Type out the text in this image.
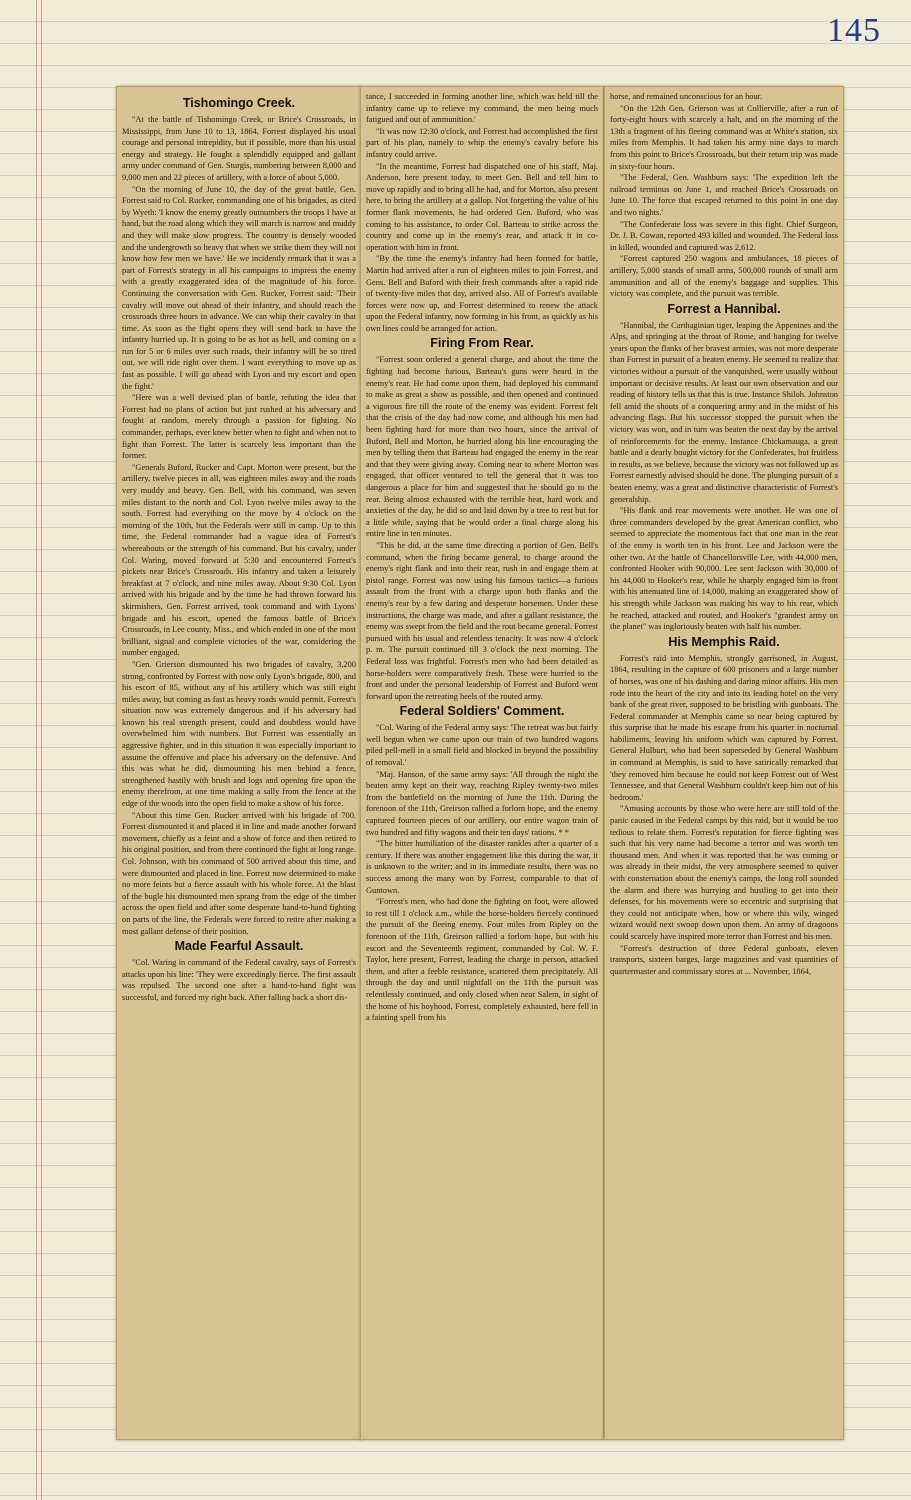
145
Tishomingo Creek.

"At the battle of Tishomingo Creek, or Brice's Crossroads, in Mississippi, from June 10 to 13, 1864, Forrest displayed his usual courage and personal intrepidity, but if possible, more than his usual energy and strategy. He fought a splendidly equipped and gallant army under command of Gen. Sturgis, numbering between 8,000 and 9,000 men and 22 pieces of artillery, with a force of about 5,000.

"On the morning of June 10, the day of the great battle, Gen. Forrest said to Col. Rucker, commanding one of his brigades, as cited by Wyeth: 'I know the enemy greatly outnumbers the troops I have at hand, but the road along which they will march is narrow and muddy and they will make slow progress. The country is densely wooded and the undergrowth so heavy that when we strike them they will not know how few men we have.' He we incidently remark that it was a part of Forrest's strategy in all his campaigns to impress the enemy with a greatly exaggerated idea of the magnitude of his force. Continuing the conversation with Gen. Rucker, Forrest said: 'Their cavalry will move out ahead of their infantry, and should reach the crossroads three hours in advance. We can whip their cavalry in that time. As soon as the fight opens they will send back to have the infantry hurried up. It is going to be as hot as hell, and coming on a run for 5 or 6 miles over such roads, their infantry will be so tired out, we will ride right over them. I want everything to move up as fast as possible. I will go ahead with Lyon and my escort and open the fight.'

"Here was a well devised plan of battle, refuting the idea that Forrest had no plans of action but just rushed at his adversary and fought at random, merely through a passion for fighting. No commander, perhaps, ever knew better when to fight and when not to fight than Forrest. The latter is scarcely less important than the former.

"Generals Buford, Rucker and Capt. Morton were present, but the artillery, twelve pieces in all, was eighteen miles away and the roads very muddy and heavy. Gen. Bell, with his command, was seven miles distant to the north and Col. Lyon twelve miles away to the south. Forrest had everything on the move by 4 o'clock on the morning of the 10th, but the Federals were still in camp. Up to this time, the Federal commander had a vague idea of Forrest's whereabouts or the strength of his command. But his cavalry, under Col. Waring, moved forward at 5:30 and encountered Forrest's pickets near Brice's Crossroads. His infantry and taken a leisurely breakfast at 7 o'clock, and nine miles away. About 9:30 Col. Lyon arrived with his brigade and by the time he had thrown forward his skirmishers, Gen. Forrest arrived, took command and with Lyons' brigade and his escort, opened the famous battle of Brice's Crossroads, in Lee county, Miss., and which ended in one of the most brilliant, signal and complete victories of the war, considering the number engaged.

"Gen. Grierson dismounted his two brigades of cavalry, 3,200 strong, confronted by Forrest with now only Lyon's brigade, 800, and his escort of 85, without any of his artillery which was still eight miles away, but coming as fast as heavy roads would permit. Forrest's situation now was extremely dangerous and if his adversary had known his real strength present, could and doubtless would have overwhelmed him with numbers. But Forrest was essentially an aggressive fighter, and in this situation it was especially important to assume the offensive and place his adversary on the defensive. And this was what he did, dismounting his men behind a fence, strengthened hastily with brush and logs and opening fire upon the enemy therefrom, at one time making a sally from the fence at the edge of the woods into the open field to make a show of his force.

"About this time Gen. Rucker arrived with his brigade of 700. Forrest dismounted it and placed it in line and made another forward movement, chiefly as a feint and a show of force and then retired to his original position, and from there continued the fight at long range. Col. Johnson, with his command of 500 arrived about this time, and were dismounted and placed in line. Forrest now determined to make no more feints but a fierce assault with his whole force. At the blast of the bugle his dismounted men sprang from the edge of the timber across the open field and after some desperate hand-to-hand fighting on parts of the line, the Federals were forced to retire after making a most gallant defense of their position.

Made Fearful Assault.

"Col. Waring in command of the Federal cavalry, says of Forrest's attacks upon his line: 'They were exceedingly fierce. The first assault was repulsed. The second one after a hand-to-hand fight was successful, and forced my right back. After falling back a short dis-

tance, I succeeded in forming another line, which was held till the infantry came up to relieve my command, the men being much fatigued and out of ammunition.'

"It was now 12:30 o'clock, and Forrest had accomplished the first part of his plan, namely to whip the enemy's cavalry before his infantry could arrive.

"In the meantime, Forrest had dispatched one of his staff, Maj. Anderson, here present today, to meet Gen. Bell and tell him to move up rapidly and to bring all he had, and for Morton, also present here, to bring the artillery at a gallop. Not forgetting the value of his former flank movements, he had ordered Gen. Buford, who was coming to his assistance, to order Col. Barteau to strike across the country and come up in the enemy's rear, and attack it in co-operation with him in front.

"By the time the enemy's infantry had been formed for battle, Martin had arrived after a run of eighteen miles to join Forrest, and Gens. Bell and Buford with their fresh commands after a rapid ride of twenty-five miles that day, arrived also. All of Forrest's available forces were now up, and Forrest determined to renew the attack upon the Federal infantry, now forming in his front, as quickly as his own lines could be arranged for action.

Firing From Rear.

"Forrest soon ordered a general charge, and about the time the fighting had become furious, Barteau's guns were heard in the enemy's rear. He had come upon them, had deployed his command to make as great a show as possible, and then opened and continued a vigorous fire till the route of the enemy was evident. Forrest felt that the crisis of the day had now come, and although his men had been fighting hard for more than two hours, since the arrival of Buford, Bell and Morton, he hurried along his line encouraging the men by telling them that Barteau had engaged the enemy in the rear and that they were giving away. Coming near to where Morton was engaged, that officer ventured to tell the general that it was too dangerous a place for him and suggested that he should go to the rear. Being almost exhausted with the terrible heat, hard work and anxieties of the day, he did so and laid down by a tree to rest but for a little while, saying that he would order a final charge along his entire line in ten minutes.

"This he did, at the same time directing a portion of Gen. Bell's command, when the firing became general, to charge around the enemy's right flank and into their rear, rush in and engage them at pistol range. Forrest was now using his famous tactics—a furious assault from the front with a charge upon both flanks and the enemy's rear by a few daring and desperate horsemen. Under these instructions, the charge was made, and after a gallant resistance, the enemy was swept from the field and the rout became general. Forrest pursued with his usual and relentless tenacity. It was now 4 o'clock p. m. The pursuit continued till 3 o'clock the next morning. The Federal loss was frightful. Forrest's men who had been detailed as horse-holders were comparatively fresh. These were hurried to the front and under the personal leadership of Forrest and Buford went forward upon the retreating heels of the routed army.

Federal Soldiers' Comment.

"Col. Waring of the Federal army says: 'The retreat was but fairly well begun when we came upon our train of two hundred wagons piled pell-mell in a small field and blocked in beyond the possibility of removal.'

"Maj. Hanson, of the same army says: 'All through the night the beaten army kept on their way, reaching Ripley twenty-two miles from the battlefield on the morning of June the 11th. During the forenoon of the 11th, Greirson rallied a forlorn hope, and the enemy captured fourteen pieces of our artillery, our entire wagon train of two hundred and fifty wagons and their ten days' rations. * *

"The bitter humiliation of the disaster rankles after a quarter of a century. If there was another engagement like this during the war, it is unknown to the writer; and in its immediate results, there was no success among the many won by Forrest, comparable to that of Guntown.

"Forrest's men, who had done the fighting on foot, were allowed to rest till 1 o'clock a.m., while the horse-holders fiercely continued the pursuit of the fleeing enemy. Four miles from Ripley on the forenoon of the 11th, Greirson rallied a forlorn hope, but with his escort and the Seventeenth regiment, commanded by Col. W. F. Taylor, here present, Forrest, leading the charge in person, attacked them, and after a feeble resistance, scattered them precipitately. All through the day and until nightfall on the 11th the pursuit was relentlessly continued, and only closed when near Salem, in sight of the home of his boyhood, Forrest, completely exhausted, here fell in a fainting spell from his

horse, and remained unconscious for an hour.

"On the 12th Gen. Grierson was at Collierville, after a run of forty-eight hours with scarcely a halt, and on the morning of the 13th a fragment of his fleeing command was at White's station, six miles from Memphis. It had taken his army nine days to march from this point to Brice's Crossroads, but their return trip was made in sixty-four hours.

"The Federal, Gen. Washburn says: 'The expedition left the railroad terminus on June 1, and reached Brice's Crossroads on June 10. The force that escaped returned to this point in one day and two nights.'

"The Confederate loss was severe in this fight. Chief Surgeon, Dr. J. B. Cowan, reported 493 killed and wounded. The Federal loss in killed, wounded and captured was 2,612.

"Forrest captured 250 wagons and ambulances, 18 pieces of artillery, 5,000 stands of small arms, 500,000 rounds of small arm ammunition and all of the enemy's baggage and supplies. This victory was complete, and the pursuit was terrible.

Forrest a Hannibal.

"Hannibal, the Carthaginian tiger, leaping the Appenines and the Alps, and springing at the throat of Rome, and hanging for twelve years upon the flanks of her bravest armies, was not more desperate than Forrest in pursuit of a beaten enemy. He seemed to realize that victories without a pursuit of the vanquished, were usually without important or decisive results. At least our own observation and our reading of history tells us that this is true. Instance Shiloh. Johnston fell amid the shouts of a conquering army and in the midst of his advancing flags. But his successor stopped the pursuit when the victory was won, and in turn was beaten the next day by the arrival of reinforcements for the enemy. Instance Chickamauga, a great battle and a dearly bought victory for the Confederates, but fruitless in results, as we believe, because the victory was not followed up as Forrest earnestly advised should be done. The plunging pursuit of a beaten enemy, was a great and distinctive characteristic of Forrest's generalship.

"His flank and rear movements were another. He was one of three commanders developed by the great American conflict, who seemed to appreciate the momentous fact that one man in the rear of the enmy is worth ten in his front. Lee and Jackson were the other two. At the battle of Chancellorsville Lee, with 44,000 men, confronted Hooker with 90,000. Lee sent Jackson with 30,000 of his 44,000 to Hooker's rear, while he sharply engaged him in front with his attenuated line of 14,000, making an exaggerated show of his strength while Jackson was making his way to his rear, which he reached, attacked and routed, and Hooker's "grandest army on the planet" was ingloriously beaten with half his number.

His Memphis Raid.

Forrest's raid into Memphis, strongly garrisoned, in August, 1864, resulting in the capture of 600 prisoners and a large number of horses, was one of his dashing and daring minor affairs. His men rode into the heart of the city and into its leading hotel on the very bank of the great river, supposed to be bristling with gunboats. The Federal commander at Memphis came so near being captured by this surprise that he made his escape from his quarter in nocturnal habiliments, leaving his uniform which was captured by Forrest. General Hulburt, who had been superseded by General Washburn in command at Memphis, is said to have satirically remarked that 'they removed him because he could not keep Forrest out of West Tennessee, and that General Washburn couldn't keep him out of his bedroom.'

"Amusing accounts by those who were here are still told of the panic caused in the Federal camps by this raid, but it would be too tedious to relate them. Forrest's reputation for fierce fighting was such that his very name had become a terror and was worth ten thousand men. And when it was reported that he was coming or was already in their midst, the very atmosphere seemed to quiver with consternation about the enemy's camps, the long roll sounded the alarm and there was hurrying and hustling to get into their defenses, for his movements were so eccentric and surprising that they could not anticipate when, how or where this wily, winged wizard would next swoop down upon them. An army of dragoons could scarcely have inspired more terror than Forrest and his men.

"Forrest's destruction of three Federal gunboats, eleven transports, sixteen barges, large magazines and vast quantities of quartermaster and commissary stores at ... November, 1864,
